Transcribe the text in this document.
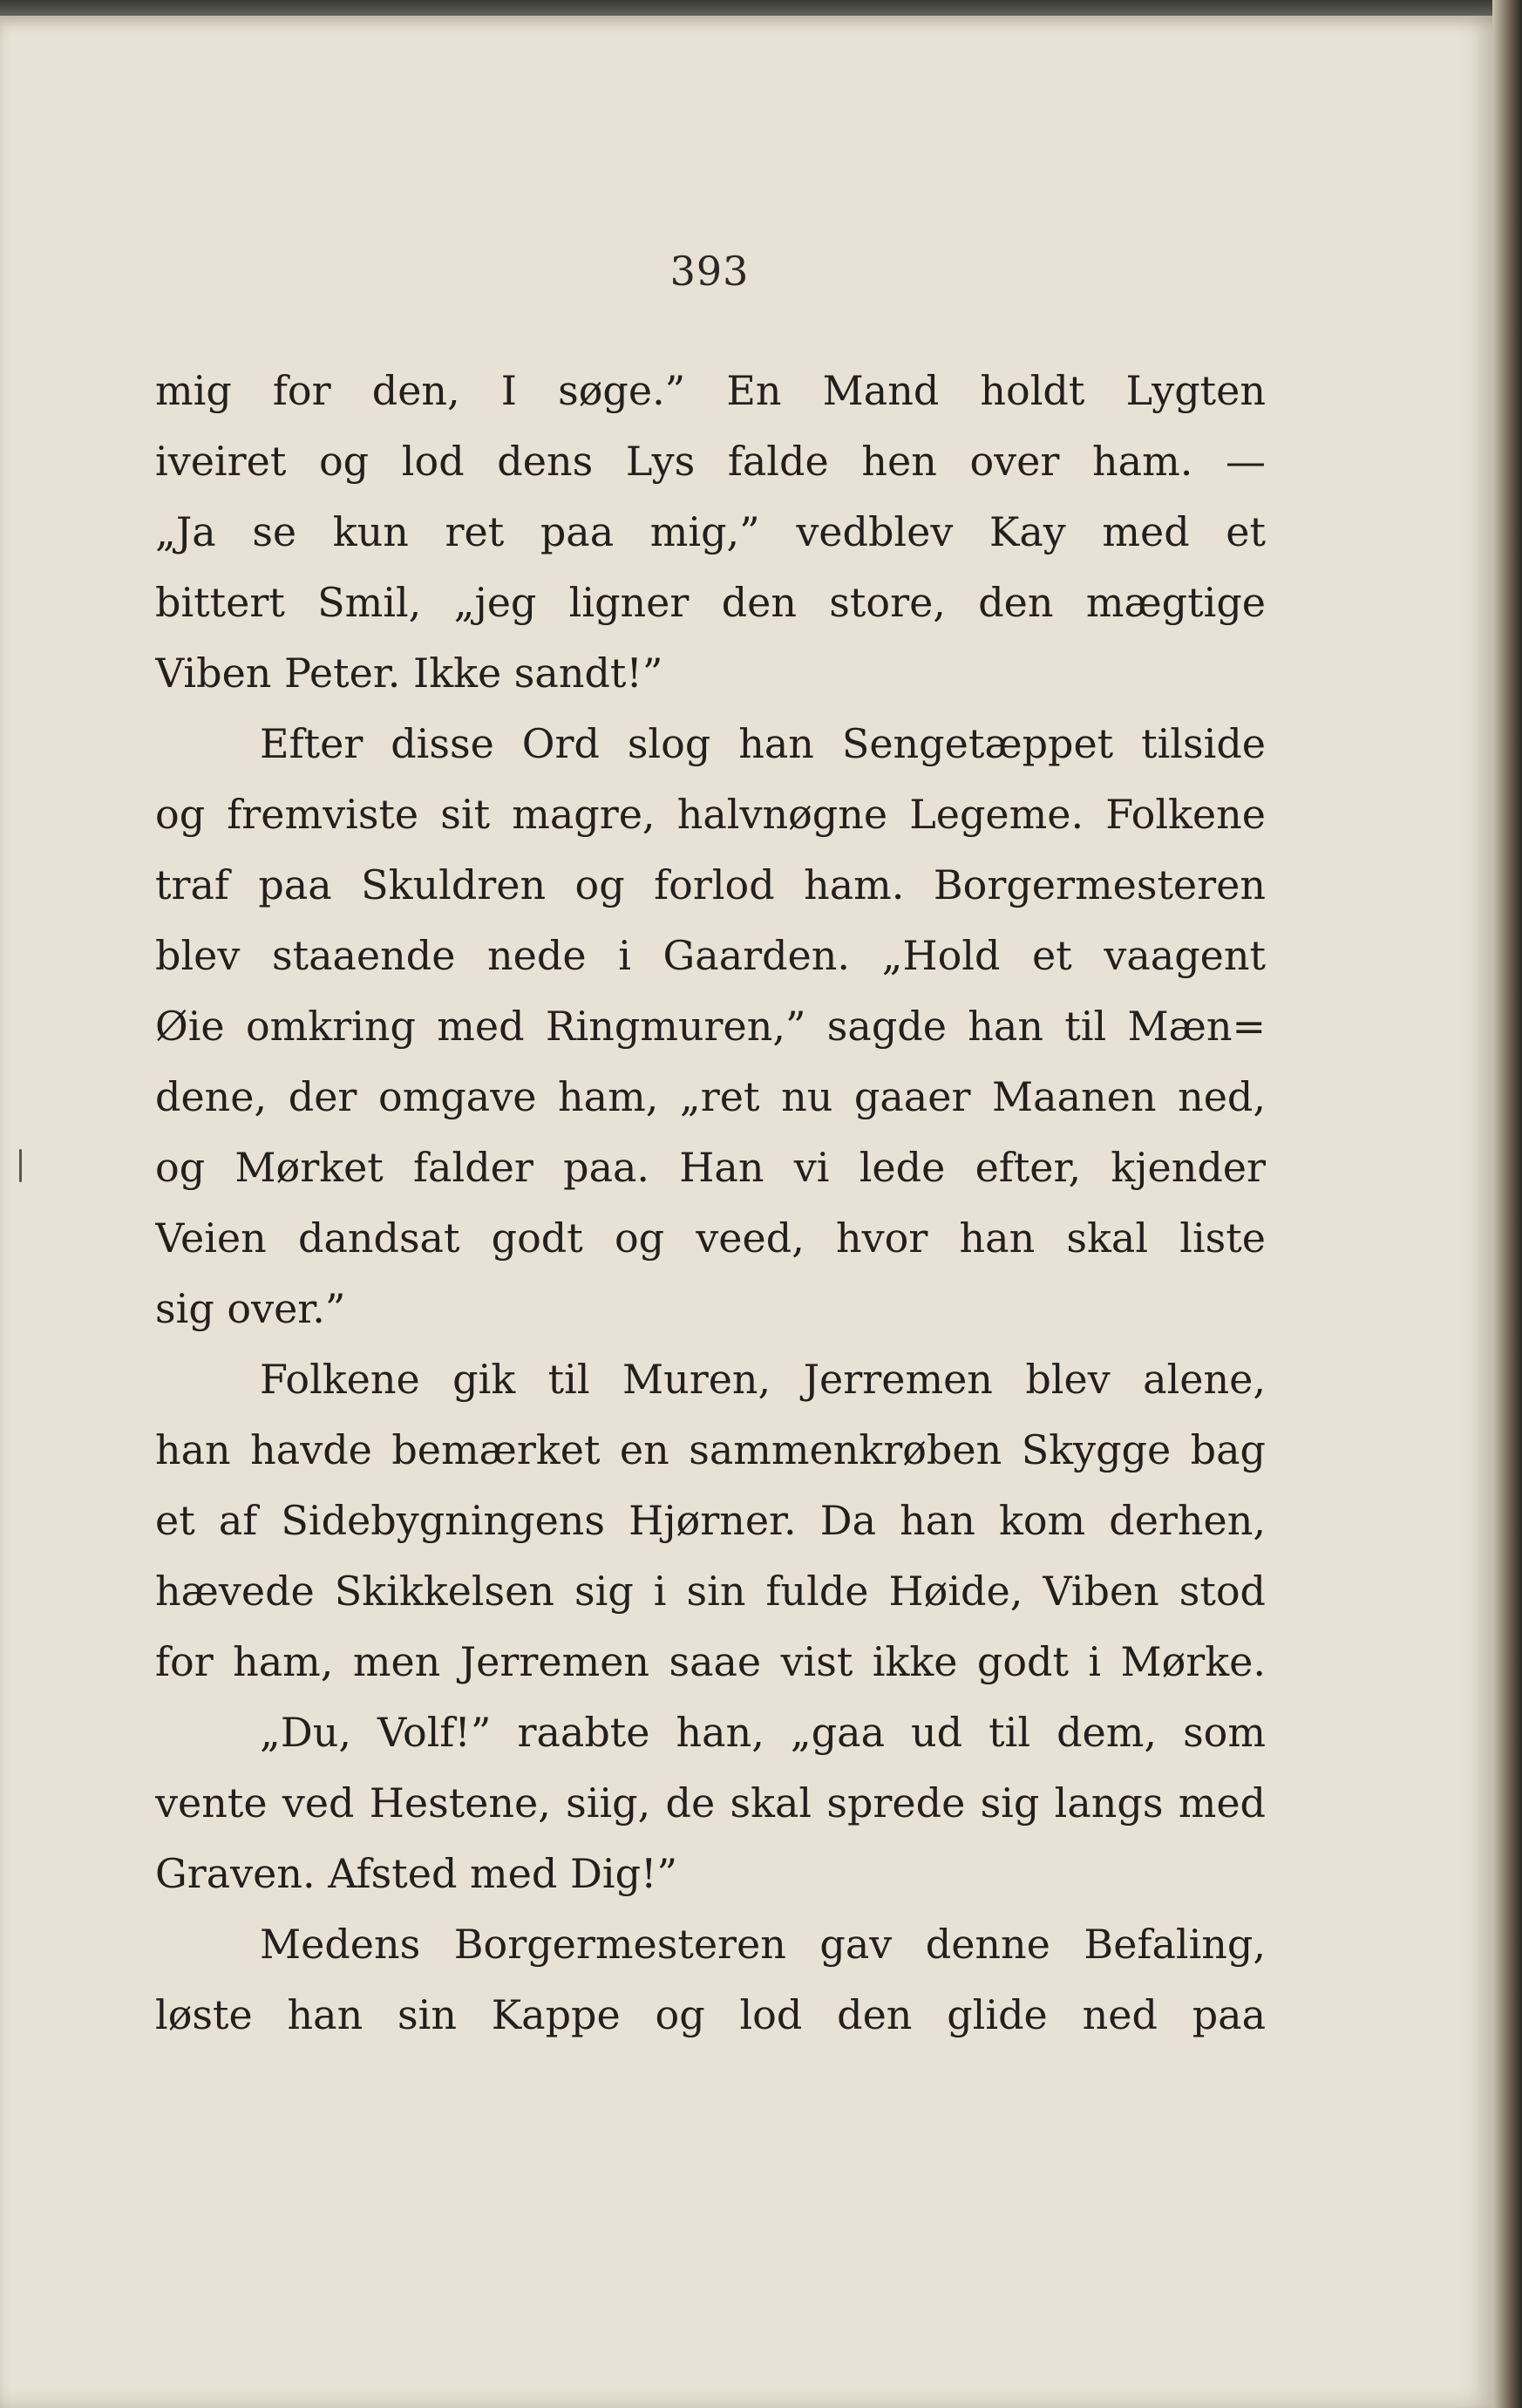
393
mig for den, I søge.” En Mand holdt Lygten
iveiret og lod dens Lys falde hen over ham. —
„Ja se kun ret paa mig,” vedblev Kay med et
bittert Smil, „jeg ligner den store, den mægtige
Viben Peter. Ikke sandt!”
Efter disse Ord slog han Sengetæppet tilside
og fremviste sit magre, halvnøgne Legeme. Folkene
traf paa Skuldren og forlod ham. Borgermesteren
blev staaende nede i Gaarden. „Hold et vaagent
Øie omkring med Ringmuren,” sagde han til Mæn=
dene, der omgave ham, „ret nu gaaer Maanen ned,
og Mørket falder paa. Han vi lede efter, kjender
Veien dandsat godt og veed, hvor han skal liste
sig over.”
Folkene gik til Muren, Jerremen blev alene,
han havde bemærket en sammenkrøben Skygge bag
et af Sidebygningens Hjørner. Da han kom derhen,
hævede Skikkelsen sig i sin fulde Høide, Viben stod
for ham, men Jerremen saae vist ikke godt i Mørke.
„Du, Volf!” raabte han, „gaa ud til dem, som
vente ved Hestene, siig, de skal sprede sig langs med
Graven. Afsted med Dig!”
Medens Borgermesteren gav denne Befaling,
løste han sin Kappe og lod den glide ned paa
